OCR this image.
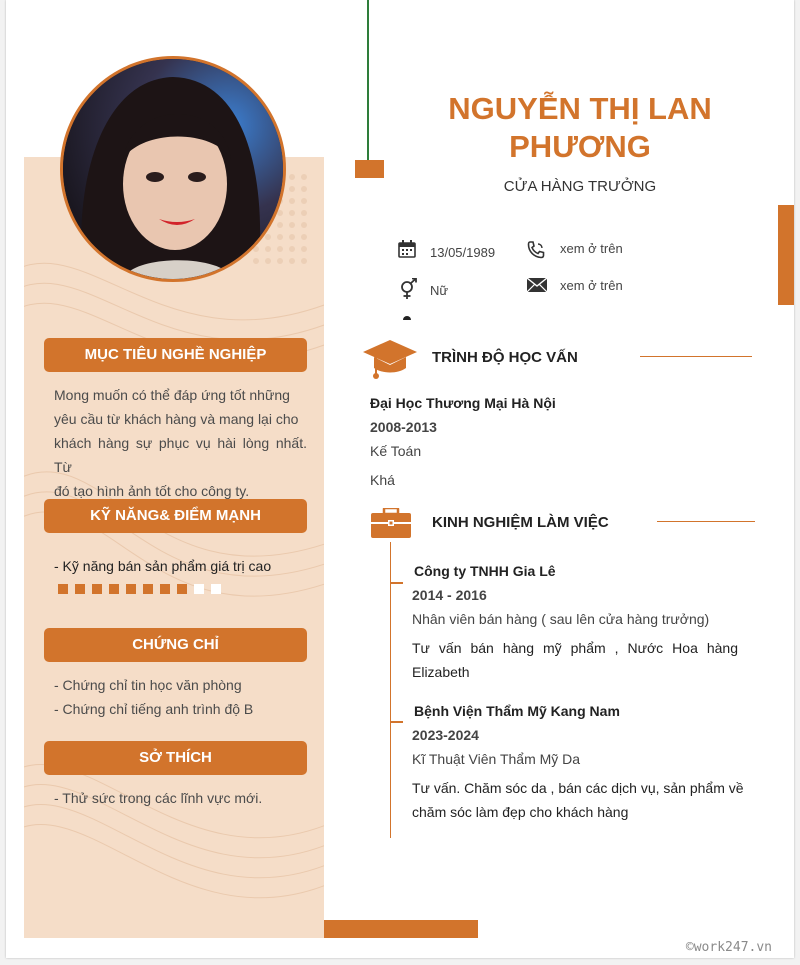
MỤC TIÊU NGHỀ NGHIỆP
Mong muốn có thể đáp ứng tốt những
yêu cầu từ khách hàng và mang lại cho
khách hàng sự phục vụ hài lòng nhất. Từ
đó tạo hình ảnh tốt cho công ty.
KỸ NĂNG& ĐIỂM MẠNH
- Kỹ năng bán sản phẩm giá trị cao
CHỨNG CHỈ
- Chứng chỉ tin học văn phòng
- Chứng chỉ tiếng anh trình độ B
SỞ THÍCH
- Thử sức trong các lĩnh vực mới.
NGUYỄN THỊ LAN
PHƯƠNG
CỬA HÀNG TRƯỞNG
13/05/1989	xem ở trên
Nữ	xem ở trên
TRÌNH ĐỘ HỌC VẤN
Đại Học Thương Mại Hà Nội
2008-2013
Kế Toán
Khá
KINH NGHIỆM LÀM VIỆC
Công ty TNHH Gia Lê
2014 - 2016
Nhân viên bán hàng ( sau lên cửa hàng trưởng)
Tư vấn bán hàng mỹ phẩm , Nước Hoa hàng
Elizabeth
Bệnh Viện Thẩm Mỹ Kang Nam
2023-2024
Kĩ Thuật Viên Thẩm Mỹ Da
Tư vấn. Chăm sóc da , bán các dịch vụ, sản phẩm về
chăm sóc làm đẹp cho khách hàng
©work247.vn
